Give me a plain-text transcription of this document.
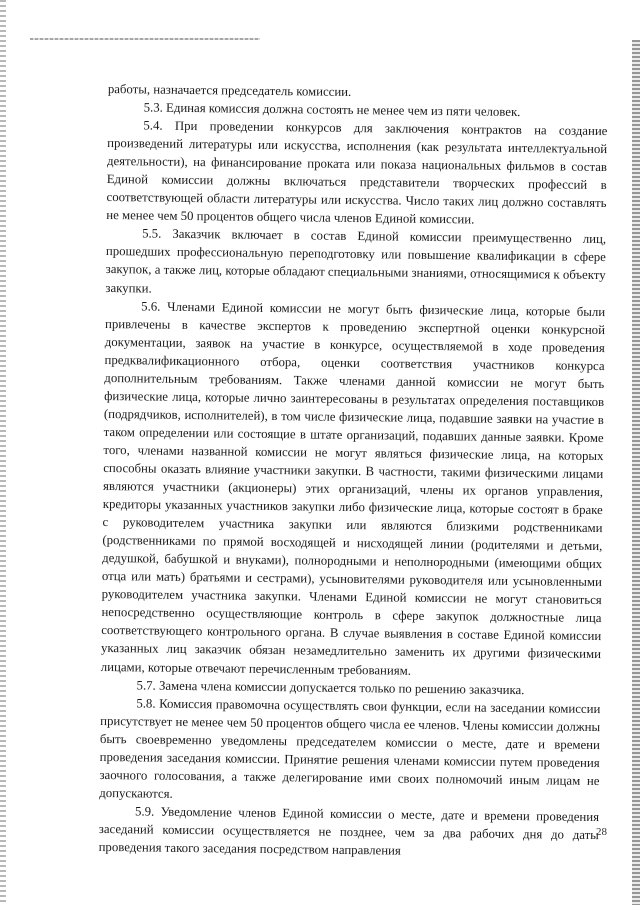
работы, назначается председатель комиссии.

5.3. Единая комиссия должна состоять не менее чем из пяти человек.

5.4. При проведении конкурсов для заключения контрактов на создание произведений литературы или искусства, исполнения (как результата интеллектуальной деятельности), на финансирование проката или показа национальных фильмов в состав Единой комиссии должны включаться представители творческих профессий в соответствующей области литературы или искусства. Число таких лиц должно составлять не менее чем 50 процентов общего числа членов Единой комиссии.

5.5. Заказчик включает в состав Единой комиссии преимущественно лиц, прошедших профессиональную переподготовку или повышение квалификации в сфере закупок, а также лиц, которые обладают специальными знаниями, относящимися к объекту закупки.

5.6. Членами Единой комиссии не могут быть физические лица, которые были привлечены в качестве экспертов к проведению экспертной оценки конкурсной документации, заявок на участие в конкурсе, осуществляемой в ходе проведения предквалификационного отбора, оценки соответствия участников конкурса дополнительным требованиям. Также членами данной комиссии не могут быть физические лица, которые лично заинтересованы в результатах определения поставщиков (подрядчиков, исполнителей), в том числе физические лица, подавшие заявки на участие в таком определении или состоящие в штате организаций, подавших данные заявки. Кроме того, членами названной комиссии не могут являться физические лица, на которых способны оказать влияние участники закупки. В частности, такими физическими лицами являются участники (акционеры) этих организаций, члены их органов управления, кредиторы указанных участников закупки либо физические лица, которые состоят в браке с руководителем участника закупки или являются близкими родственниками (родственниками по прямой восходящей и нисходящей линии (родителями и детьми, дедушкой, бабушкой и внуками), полнородными и неполнородными (имеющими общих отца или мать) братьями и сестрами), усыновителями руководителя или усыновленными руководителем участника закупки. Членами Единой комиссии не могут становиться непосредственно осуществляющие контроль в сфере закупок должностные лица соответствующего контрольного органа. В случае выявления в составе Единой комиссии указанных лиц заказчик обязан незамедлительно заменить их другими физическими лицами, которые отвечают перечисленным требованиям.

5.7. Замена члена комиссии допускается только по решению заказчика.

5.8. Комиссия правомочна осуществлять свои функции, если на заседании комиссии присутствует не менее чем 50 процентов общего числа ее членов. Члены комиссии должны быть своевременно уведомлены председателем комиссии о месте, дате и времени проведения заседания комиссии. Принятие решения членами комиссии путем проведения заочного голосования, а также делегирование ими своих полномочий иным лицам не допускаются.

5.9. Уведомление членов Единой комиссии о месте, дате и времени проведения заседаний комиссии осуществляется не позднее, чем за два рабочих дня до даты проведения такого заседания посредством направления

28
